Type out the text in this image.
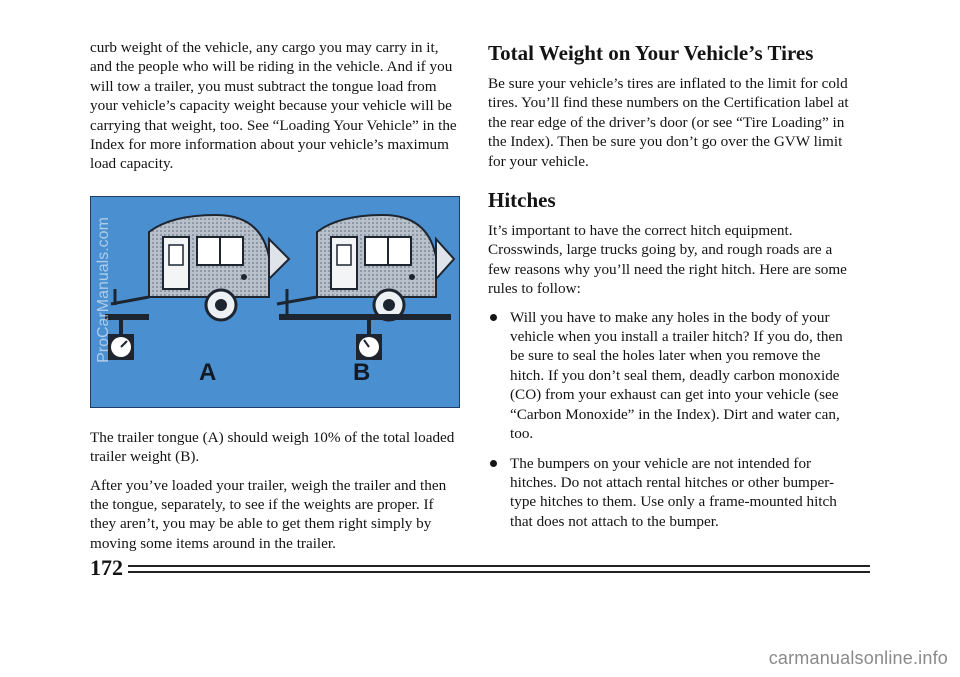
curb weight of the vehicle, any cargo you may carry in it, and the people who will be riding in the vehicle. And if you will tow a trailer, you must subtract the tongue load from your vehicle’s capacity weight because your vehicle will be carrying that weight, too. See “Loading Your Vehicle” in the Index for more information about your vehicle’s maximum load capacity.

A	B

The trailer tongue (A) should weigh 10% of the total loaded trailer weight (B).

After you’ve loaded your trailer, weigh the trailer and then the tongue, separately, to see if the weights are proper. If they aren’t, you may be able to get them right simply by moving some items around in the trailer.

ProCarManuals.com
Total Weight on Your Vehicle’s Tires

Be sure your vehicle’s tires are inflated to the limit for cold tires. You’ll find these numbers on the Certification label at the rear edge of the driver’s door (or see “Tire Loading” in the Index). Then be sure you don’t go over the GVW limit for your vehicle.

Hitches

It’s important to have the correct hitch equipment. Crosswinds, large trucks going by, and rough roads are a few reasons why you’ll need the right hitch. Here are some rules to follow:

Will you have to make any holes in the body of your vehicle when you install a trailer hitch? If you do, then be sure to seal the holes later when you remove the hitch. If you don’t seal them, deadly carbon monoxide (CO) from your exhaust can get into your vehicle (see “Carbon Monoxide” in the Index). Dirt and water can, too.
The bumpers on your vehicle are not intended for hitches. Do not attach rental hitches or other bumper-type hitches to them. Use only a frame-mounted hitch that does not attach to the bumper.
172
carmanualsonline.info
